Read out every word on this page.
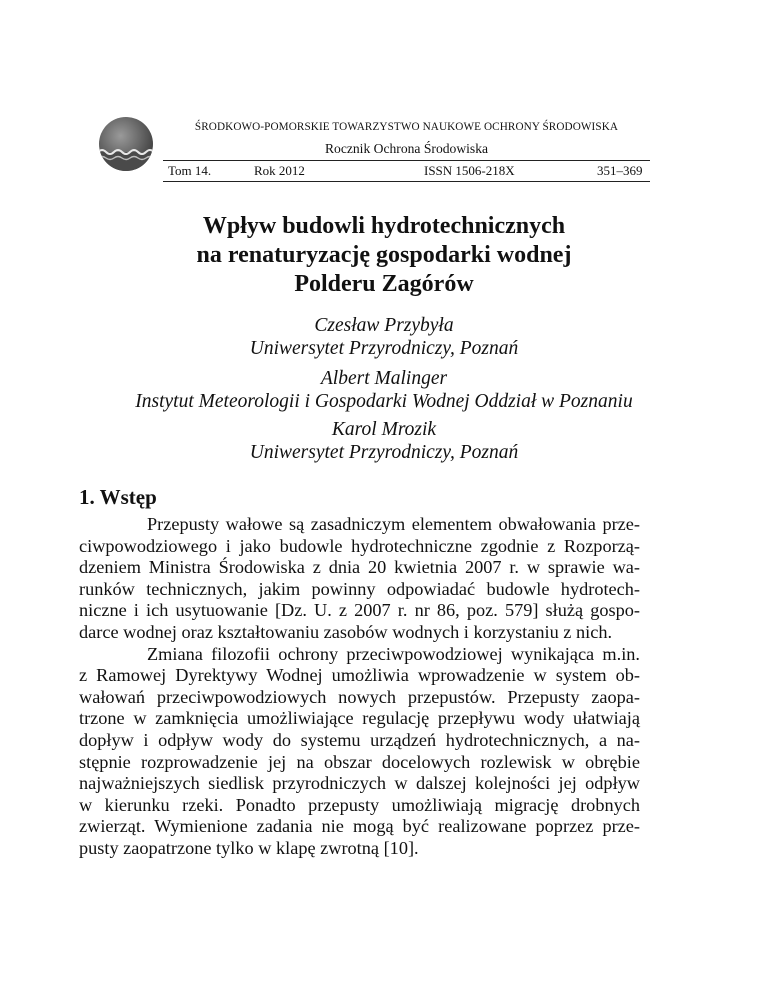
ŚRODKOWO-POMORSKIE TOWARZYSTWO NAUKOWE OCHRONY ŚRODOWISKA
Rocznik Ochrona Środowiska
Tom 14.	Rok 2012	ISSN 1506-218X	351–369
Wpływ budowli hydrotechnicznych
na renaturyzację gospodarki wodnej
Polderu Zagórów
Czesław Przybyła
Uniwersytet Przyrodniczy, Poznań
Albert Malinger
Instytut Meteorologii i Gospodarki Wodnej Oddział w Poznaniu
Karol Mrozik
Uniwersytet Przyrodniczy, Poznań
1. Wstęp
Przepusty wałowe są zasadniczym elementem obwałowania prze-
ciwpowodziowego i jako budowle hydrotechniczne zgodnie z Rozporzą-
dzeniem Ministra Środowiska z dnia 20 kwietnia 2007 r. w sprawie wa-
runków technicznych, jakim powinny odpowiadać budowle hydrotech-
niczne i ich usytuowanie [Dz. U. z 2007 r. nr 86, poz. 579] służą gospo-
darce wodnej oraz kształtowaniu zasobów wodnych i korzystaniu z nich.
Zmiana filozofii ochrony przeciwpowodziowej wynikająca m.in.
z Ramowej Dyrektywy Wodnej umożliwia wprowadzenie w system ob-
wałowań przeciwpowodziowych nowych przepustów. Przepusty zaopa-
trzone w zamknięcia umożliwiające regulację przepływu wody ułatwiają
dopływ i odpływ wody do systemu urządzeń hydrotechnicznych, a na-
stępnie rozprowadzenie jej na obszar docelowych rozlewisk w obrębie
najważniejszych siedlisk przyrodniczych w dalszej kolejności jej odpływ
w kierunku rzeki. Ponadto przepusty umożliwiają migrację drobnych
zwierząt. Wymienione zadania nie mogą być realizowane poprzez prze-
pusty zaopatrzone tylko w klapę zwrotną [10].
